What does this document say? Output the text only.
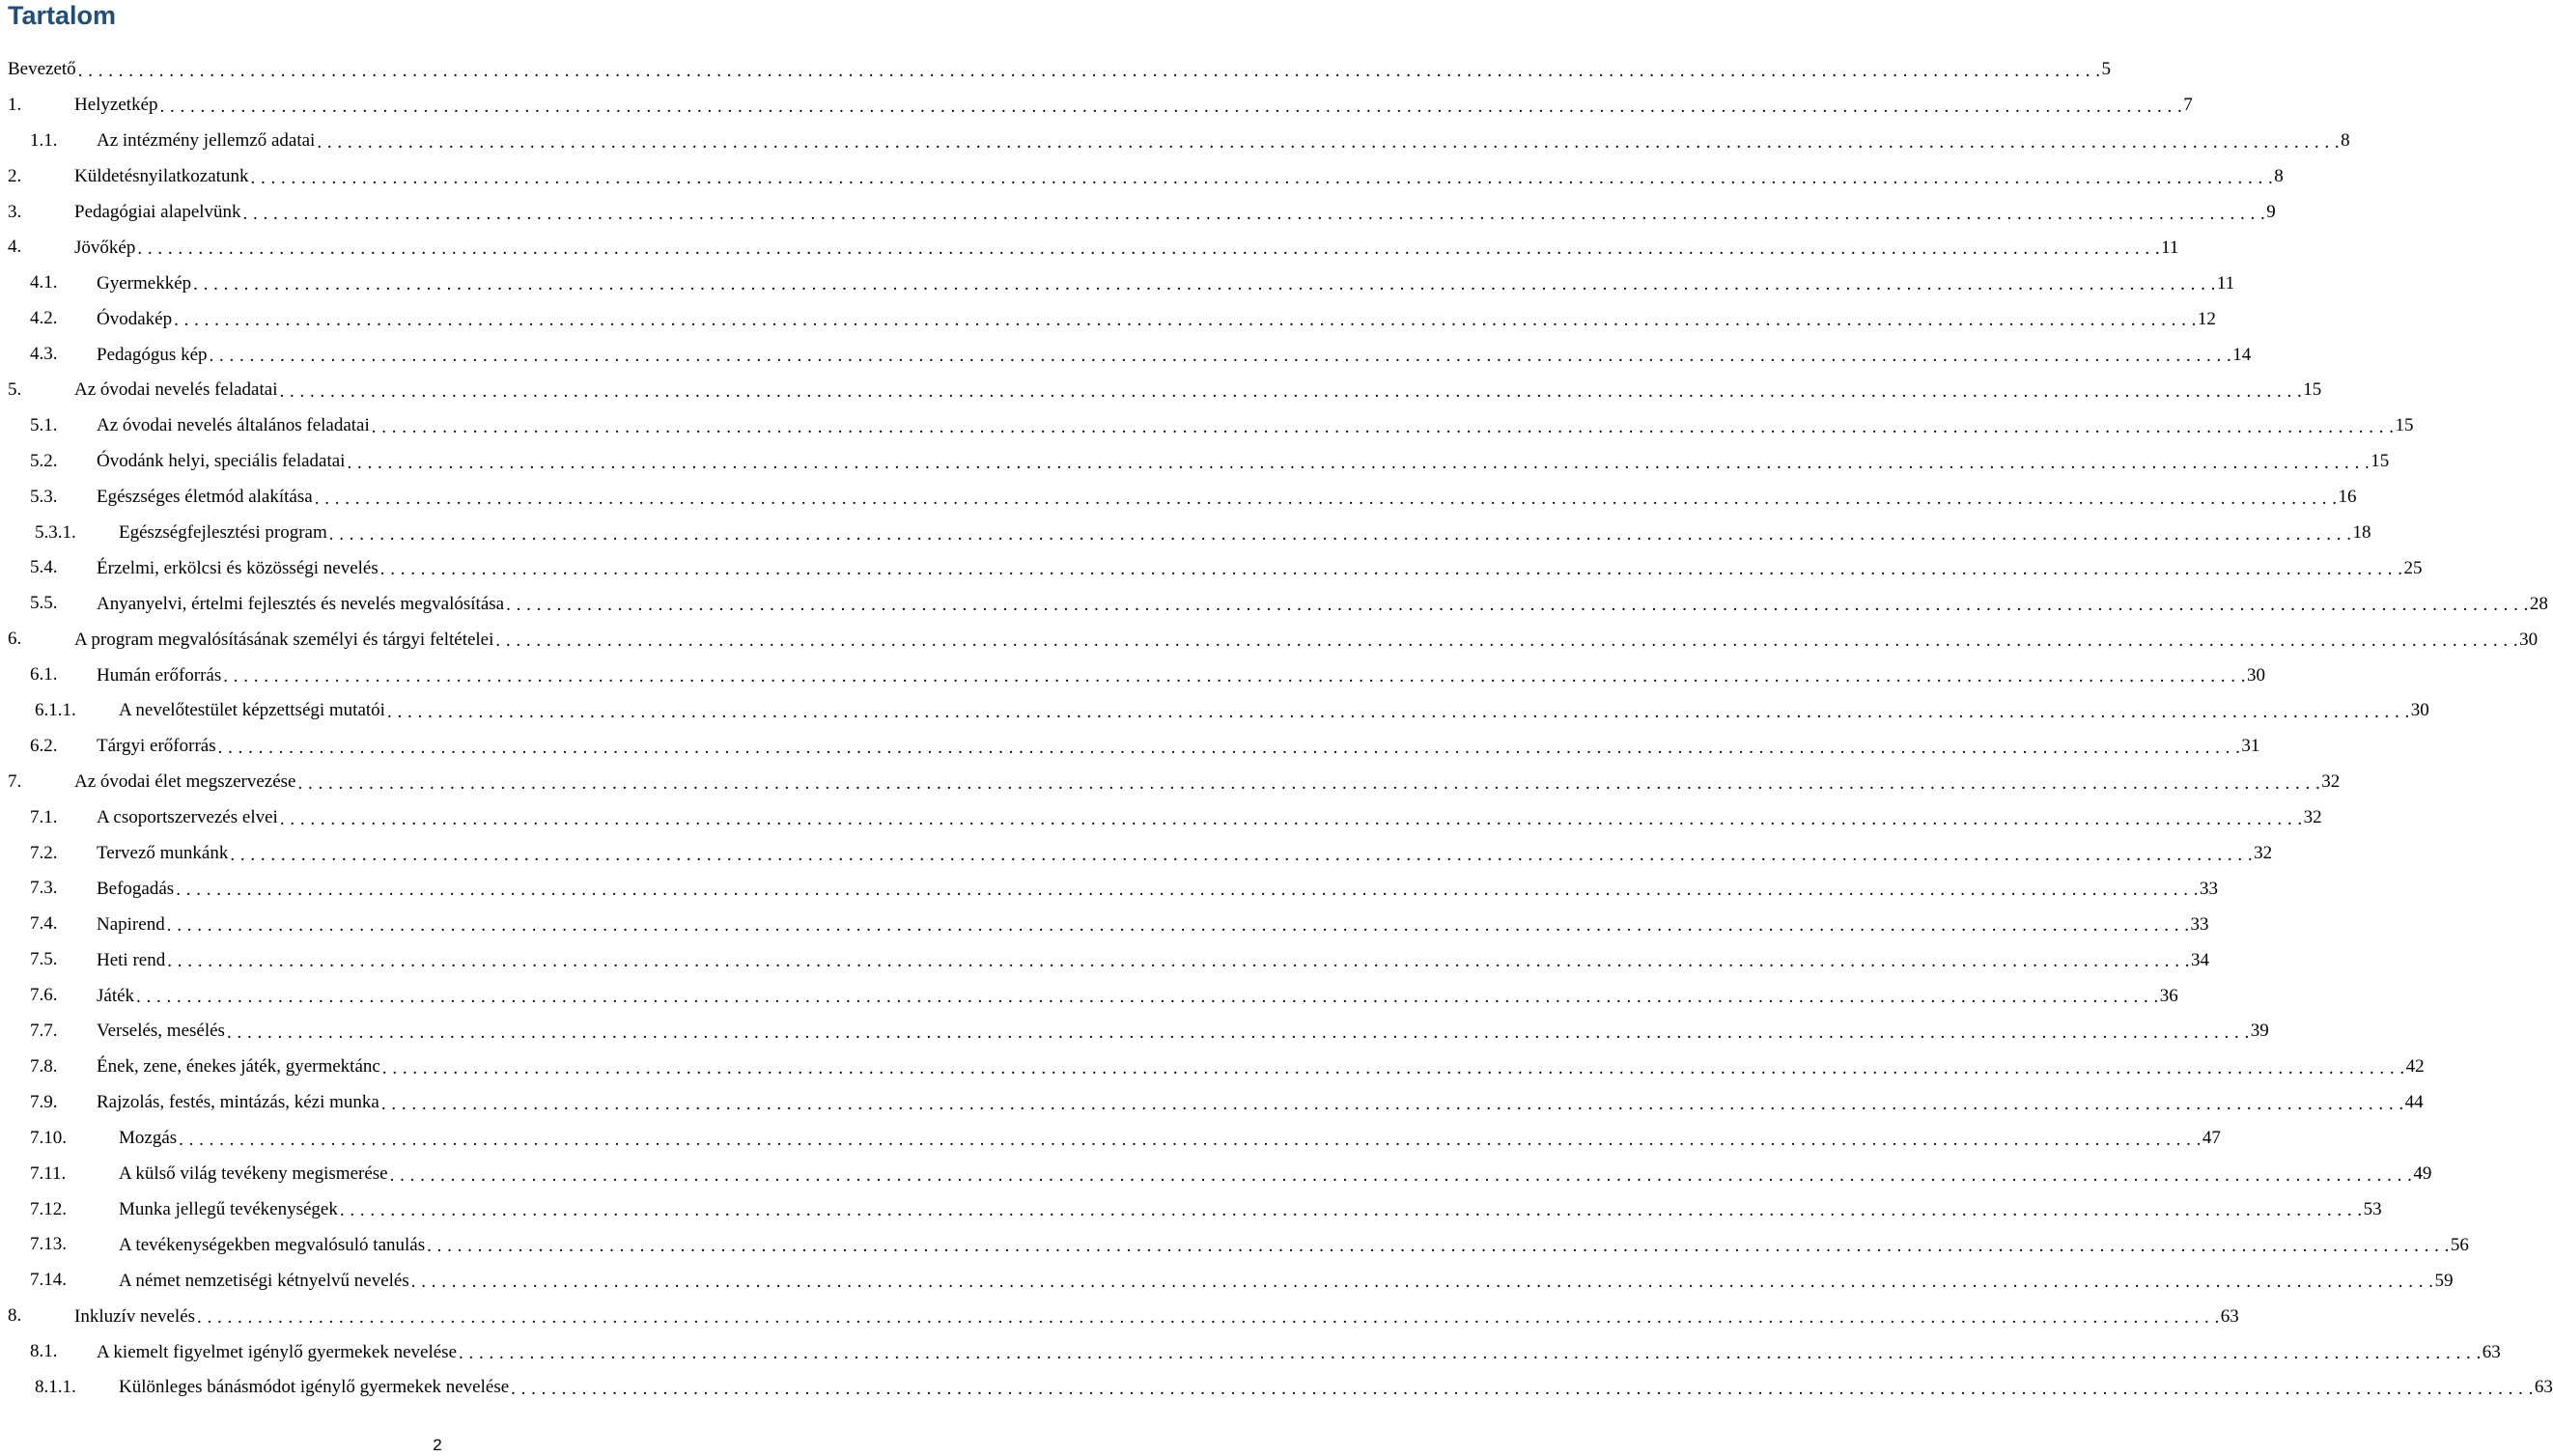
Tartalom
Bevezető . . . . . . . . . . . . . . . . . . . . . . . . . . . . . . . . . . . . . . . . . . . . . . . . . . . . . . . . . . . . . . . . . . . . . . . . . . . . . . . . . . . . . . . . . . . . . . . . . . . . . . . . . . . . . . . . . . . . . . . . . . . . . . . . . . . . . . . . . . . . . . . . . . . . . . . . . . . . . . . . . . . . . . . . . . . . . . . . . . . . . . . . . . . . . . . . . . . . . . . . 5
1.	Helyzetkép . . . . . . . . . . . . . . . . . . . . . . . . . . . . . . . . . . . . . . . . . . . . . . . . . . . . . . . . . . . . . . . . . . . . . . . . . . . . . . . . . . . . . . . . . . . . . . . . . . . . . . . . . . . . . . . . . . . . . . . . . . . . . . . . . . . . . . . . . . . . . . . . . . . . . . . . . . . . . . . . . . . . . . . . . . . . . . . . . . . . . . . . . . . . . . . . . . . . . . . . 7
1.1. Az intézmény jellemző adatai . . . . . . . . . . . . . . . . . . . . . . . . . . . . . . . . . . . . . . . . . . . . . . . . . . . . . . . . . . . . . . . . . . . . . . . . . . . . . . . . . . . . . . . . . . . . . . . . . . . . . . . . . . . . . . . . . . . . . . . . . . . . . . . . . . . . . . . . . . . . . . . . . . . . . . . . . . . . . . . . . . . . . . . . . . . . . . . . . . . . . . . . . . . . . . . . . . . . . . . . 8
2.	Küldetésnyilatkozatunk . . . . . . . . . . . . . . . . . . . . . . . . . . . . . . . . . . . . . . . . . . . . . . . . . . . . . . . . . . . . . . . . . . . . . . . . . . . . . . . . . . . . . . . . . . . . . . . . . . . . . . . . . . . . . . . . . . . . . . . . . . . . . . . . . . . . . . . . . . . . . . . . . . . . . . . . . . . . . . . . . . . . . . . . . . . . . . . . . . . . . . . . . . . . . . . . . . . . . . . . 8
3.	Pedagógiai alapelvünk . . . . . . . . . . . . . . . . . . . . . . . . . . . . . . . . . . . . . . . . . . . . . . . . . . . . . . . . . . . . . . . . . . . . . . . . . . . . . . . . . . . . . . . . . . . . . . . . . . . . . . . . . . . . . . . . . . . . . . . . . . . . . . . . . . . . . . . . . . . . . . . . . . . . . . . . . . . . . . . . . . . . . . . . . . . . . . . . . . . . . . . . . . . . . . . . . . . . . . . . 9
4.	Jövőkép . . . . . . . . . . . . . . . . . . . . . . . . . . . . . . . . . . . . . . . . . . . . . . . . . . . . . . . . . . . . . . . . . . . . . . . . . . . . . . . . . . . . . . . . . . . . . . . . . . . . . . . . . . . . . . . . . . . . . . . . . . . . . . . . . . . . . . . . . . . . . . . . . . . . . . . . . . . . . . . . . . . . . . . . . . . . . . . . . . . . . . . . . . . . . . . . . . . . . . . . 11
4.1. Gyermekkép . . . . . . . . . . . . . . . . . . . . . . . . . . . . . . . . . . . . . . . . . . . . . . . . . . . . . . . . . . . . . . . . . . . . . . . . . . . . . . . . . . . . . . . . . . . . . . . . . . . . . . . . . . . . . . . . . . . . . . . . . . . . . . . . . . . . . . . . . . . . . . . . . . . . . . . . . . . . . . . . . . . . . . . . . . . . . . . . . . . . . . . . . . . . . . . . . . . . . . . . 11
4.2. Óvodakép . . . . . . . . . . . . . . . . . . . . . . . . . . . . . . . . . . . . . . . . . . . . . . . . . . . . . . . . . . . . . . . . . . . . . . . . . . . . . . . . . . . . . . . . . . . . . . . . . . . . . . . . . . . . . . . . . . . . . . . . . . . . . . . . . . . . . . . . . . . . . . . . . . . . . . . . . . . . . . . . . . . . . . . . . . . . . . . . . . . . . . . . . . . . . . . . . . . . . . . . 12
4.3. Pedagógus kép . . . . . . . . . . . . . . . . . . . . . . . . . . . . . . . . . . . . . . . . . . . . . . . . . . . . . . . . . . . . . . . . . . . . . . . . . . . . . . . . . . . . . . . . . . . . . . . . . . . . . . . . . . . . . . . . . . . . . . . . . . . . . . . . . . . . . . . . . . . . . . . . . . . . . . . . . . . . . . . . . . . . . . . . . . . . . . . . . . . . . . . . . . . . . . . . . . . . . . . . 14
5.	Az óvodai nevelés feladatai . . . . . . . . . . . . . . . . . . . . . . . . . . . . . . . . . . . . . . . . . . . . . . . . . . . . . . . . . . . . . . . . . . . . . . . . . . . . . . . . . . . . . . . . . . . . . . . . . . . . . . . . . . . . . . . . . . . . . . . . . . . . . . . . . . . . . . . . . . . . . . . . . . . . . . . . . . . . . . . . . . . . . . . . . . . . . . . . . . . . . . . . . . . . . . . . . . . . . . . . 15
5.1. Az óvodai nevelés általános feladatai . . . . . . . . . . . . . . . . . . . . . . . . . . . . . . . . . . . . . . . . . . . . . . . . . . . . . . . . . . . . . . . . . . . . . . . . . . . . . . . . . . . . . . . . . . . . . . . . . . . . . . . . . . . . . . . . . . . . . . . . . . . . . . . . . . . . . . . . . . . . . . . . . . . . . . . . . . . . . . . . . . . . . . . . . . . . . . . . . . . . . . . . . . . . . . . . . . . . . . . . 15
5.2. Óvodánk helyi, speciális feladatai . . . . . . . . . . . . . . . . . . . . . . . . . . . . . . . . . . . . . . . . . . . . . . . . . . . . . . . . . . . . . . . . . . . . . . . . . . . . . . . . . . . . . . . . . . . . . . . . . . . . . . . . . . . . . . . . . . . . . . . . . . . . . . . . . . . . . . . . . . . . . . . . . . . . . . . . . . . . . . . . . . . . . . . . . . . . . . . . . . . . . . . . . . . . . . . . . . . . . . . . 15
5.3. Egészséges életmód alakítása . . . . . . . . . . . . . . . . . . . . . . . . . . . . . . . . . . . . . . . . . . . . . . . . . . . . . . . . . . . . . . . . . . . . . . . . . . . . . . . . . . . . . . . . . . . . . . . . . . . . . . . . . . . . . . . . . . . . . . . . . . . . . . . . . . . . . . . . . . . . . . . . . . . . . . . . . . . . . . . . . . . . . . . . . . . . . . . . . . . . . . . . . . . . . . . . . . . . . . . . 16
5.3.1. Egészségfejlesztési program . . . . . . . . . . . . . . . . . . . . . . . . . . . . . . . . . . . . . . . . . . . . . . . . . . . . . . . . . . . . . . . . . . . . . . . . . . . . . . . . . . . . . . . . . . . . . . . . . . . . . . . . . . . . . . . . . . . . . . . . . . . . . . . . . . . . . . . . . . . . . . . . . . . . . . . . . . . . . . . . . . . . . . . . . . . . . . . . . . . . . . . . . . . . . . . . . . . . . . . . 18
5.4. Érzelmi, erkölcsi és közösségi nevelés . . . . . . . . . . . . . . . . . . . . . . . . . . . . . . . . . . . . . . . . . . . . . . . . . . . . . . . . . . . . . . . . . . . . . . . . . . . . . . . . . . . . . . . . . . . . . . . . . . . . . . . . . . . . . . . . . . . . . . . . . . . . . . . . . . . . . . . . . . . . . . . . . . . . . . . . . . . . . . . . . . . . . . . . . . . . . . . . . . . . . . . . . . . . . . . . . . . . . . . . 25
5.5. Anyanyelvi, értelmi fejlesztés és nevelés megvalósítása . . . . . . . . . . . . . . . . . . . . . . . . . . . . . . . . . . . . . . . . . . . . . . . . . . . . . . . . . . . . . . . . . . . . . . . . . . . . . . . . . . . . . . . . . . . . . . . . . . . . . . . . . . . . . . . . . . . . . . . . . . . . . . . . . . . . . . . . . . . . . . . . . . . . . . . . . . . . . . . . . . . . . . . . . . . . . . . . . . . . . . . . . . . . . . . . . . . . . . . . 28
6.	A program megvalósításának személyi és tárgyi feltételei . . . . . . . . . . . . . . . . . . . . . . . . . . . . . . . . . . . . . . . . . . . . . . . . . . . . . . . . . . . . . . . . . . . . . . . . . . . . . . . . . . . . . . . . . . . . . . . . . . . . . . . . . . . . . . . . . . . . . . . . . . . . . . . . . . . . . . . . . . . . . . . . . . . . . . . . . . . . . . . . . . . . . . . . . . . . . . . . . . . . . . . . . . . . . . . . . . . . . . . . 30
6.1. Humán erőforrás . . . . . . . . . . . . . . . . . . . . . . . . . . . . . . . . . . . . . . . . . . . . . . . . . . . . . . . . . . . . . . . . . . . . . . . . . . . . . . . . . . . . . . . . . . . . . . . . . . . . . . . . . . . . . . . . . . . . . . . . . . . . . . . . . . . . . . . . . . . . . . . . . . . . . . . . . . . . . . . . . . . . . . . . . . . . . . . . . . . . . . . . . . . . . . . . . . . . . . . . 30
6.1.1. A nevelőtestület képzettségi mutatói . . . . . . . . . . . . . . . . . . . . . . . . . . . . . . . . . . . . . . . . . . . . . . . . . . . . . . . . . . . . . . . . . . . . . . . . . . . . . . . . . . . . . . . . . . . . . . . . . . . . . . . . . . . . . . . . . . . . . . . . . . . . . . . . . . . . . . . . . . . . . . . . . . . . . . . . . . . . . . . . . . . . . . . . . . . . . . . . . . . . . . . . . . . . . . . . . . . . . . . . 30
6.2. Tárgyi erőforrás . . . . . . . . . . . . . . . . . . . . . . . . . . . . . . . . . . . . . . . . . . . . . . . . . . . . . . . . . . . . . . . . . . . . . . . . . . . . . . . . . . . . . . . . . . . . . . . . . . . . . . . . . . . . . . . . . . . . . . . . . . . . . . . . . . . . . . . . . . . . . . . . . . . . . . . . . . . . . . . . . . . . . . . . . . . . . . . . . . . . . . . . . . . . . . . . . . . . . . . . 31
7.	Az óvodai élet megszervezése . . . . . . . . . . . . . . . . . . . . . . . . . . . . . . . . . . . . . . . . . . . . . . . . . . . . . . . . . . . . . . . . . . . . . . . . . . . . . . . . . . . . . . . . . . . . . . . . . . . . . . . . . . . . . . . . . . . . . . . . . . . . . . . . . . . . . . . . . . . . . . . . . . . . . . . . . . . . . . . . . . . . . . . . . . . . . . . . . . . . . . . . . . . . . . . . . . . . . . . . 32
7.1. A csoportszervezés elvei . . . . . . . . . . . . . . . . . . . . . . . . . . . . . . . . . . . . . . . . . . . . . . . . . . . . . . . . . . . . . . . . . . . . . . . . . . . . . . . . . . . . . . . . . . . . . . . . . . . . . . . . . . . . . . . . . . . . . . . . . . . . . . . . . . . . . . . . . . . . . . . . . . . . . . . . . . . . . . . . . . . . . . . . . . . . . . . . . . . . . . . . . . . . . . . . . . . . . . . . 32
7.2. Tervező munkánk . . . . . . . . . . . . . . . . . . . . . . . . . . . . . . . . . . . . . . . . . . . . . . . . . . . . . . . . . . . . . . . . . . . . . . . . . . . . . . . . . . . . . . . . . . . . . . . . . . . . . . . . . . . . . . . . . . . . . . . . . . . . . . . . . . . . . . . . . . . . . . . . . . . . . . . . . . . . . . . . . . . . . . . . . . . . . . . . . . . . . . . . . . . . . . . . . . . . . . . . 32
7.3. Befogadás . . . . . . . . . . . . . . . . . . . . . . . . . . . . . . . . . . . . . . . . . . . . . . . . . . . . . . . . . . . . . . . . . . . . . . . . . . . . . . . . . . . . . . . . . . . . . . . . . . . . . . . . . . . . . . . . . . . . . . . . . . . . . . . . . . . . . . . . . . . . . . . . . . . . . . . . . . . . . . . . . . . . . . . . . . . . . . . . . . . . . . . . . . . . . . . . . . . . . . . . 33
7.4. Napirend . . . . . . . . . . . . . . . . . . . . . . . . . . . . . . . . . . . . . . . . . . . . . . . . . . . . . . . . . . . . . . . . . . . . . . . . . . . . . . . . . . . . . . . . . . . . . . . . . . . . . . . . . . . . . . . . . . . . . . . . . . . . . . . . . . . . . . . . . . . . . . . . . . . . . . . . . . . . . . . . . . . . . . . . . . . . . . . . . . . . . . . . . . . . . . . . . . . . . . . . 33
7.5. Heti rend . . . . . . . . . . . . . . . . . . . . . . . . . . . . . . . . . . . . . . . . . . . . . . . . . . . . . . . . . . . . . . . . . . . . . . . . . . . . . . . . . . . . . . . . . . . . . . . . . . . . . . . . . . . . . . . . . . . . . . . . . . . . . . . . . . . . . . . . . . . . . . . . . . . . . . . . . . . . . . . . . . . . . . . . . . . . . . . . . . . . . . . . . . . . . . . . . . . . . . . . 34
7.6. Játék . . . . . . . . . . . . . . . . . . . . . . . . . . . . . . . . . . . . . . . . . . . . . . . . . . . . . . . . . . . . . . . . . . . . . . . . . . . . . . . . . . . . . . . . . . . . . . . . . . . . . . . . . . . . . . . . . . . . . . . . . . . . . . . . . . . . . . . . . . . . . . . . . . . . . . . . . . . . . . . . . . . . . . . . . . . . . . . . . . . . . . . . . . . . . . . . . . . . . . . . 36
7.7. Verselés, mesélés . . . . . . . . . . . . . . . . . . . . . . . . . . . . . . . . . . . . . . . . . . . . . . . . . . . . . . . . . . . . . . . . . . . . . . . . . . . . . . . . . . . . . . . . . . . . . . . . . . . . . . . . . . . . . . . . . . . . . . . . . . . . . . . . . . . . . . . . . . . . . . . . . . . . . . . . . . . . . . . . . . . . . . . . . . . . . . . . . . . . . . . . . . . . . . . . . . . . . . . . 39
7.8. Ének, zene, énekes játék, gyermektánc . . . . . . . . . . . . . . . . . . . . . . . . . . . . . . . . . . . . . . . . . . . . . . . . . . . . . . . . . . . . . . . . . . . . . . . . . . . . . . . . . . . . . . . . . . . . . . . . . . . . . . . . . . . . . . . . . . . . . . . . . . . . . . . . . . . . . . . . . . . . . . . . . . . . . . . . . . . . . . . . . . . . . . . . . . . . . . . . . . . . . . . . . . . . . . . . . . . . . . . . 42
7.9. Rajzolás, festés, mintázás, kézi munka . . . . . . . . . . . . . . . . . . . . . . . . . . . . . . . . . . . . . . . . . . . . . . . . . . . . . . . . . . . . . . . . . . . . . . . . . . . . . . . . . . . . . . . . . . . . . . . . . . . . . . . . . . . . . . . . . . . . . . . . . . . . . . . . . . . . . . . . . . . . . . . . . . . . . . . . . . . . . . . . . . . . . . . . . . . . . . . . . . . . . . . . . . . . . . . . . . . . . . . . 44
7.10.	Mozgás . . . . . . . . . . . . . . . . . . . . . . . . . . . . . . . . . . . . . . . . . . . . . . . . . . . . . . . . . . . . . . . . . . . . . . . . . . . . . . . . . . . . . . . . . . . . . . . . . . . . . . . . . . . . . . . . . . . . . . . . . . . . . . . . . . . . . . . . . . . . . . . . . . . . . . . . . . . . . . . . . . . . . . . . . . . . . . . . . . . . . . . . . . . . . . . . . . . . . . . . 47
7.11.	A külső világ tevékeny megismerése . . . . . . . . . . . . . . . . . . . . . . . . . . . . . . . . . . . . . . . . . . . . . . . . . . . . . . . . . . . . . . . . . . . . . . . . . . . . . . . . . . . . . . . . . . . . . . . . . . . . . . . . . . . . . . . . . . . . . . . . . . . . . . . . . . . . . . . . . . . . . . . . . . . . . . . . . . . . . . . . . . . . . . . . . . . . . . . . . . . . . . . . . . . . . . . . . . . . . . . . 49
7.12.	Munka jellegű tevékenységek . . . . . . . . . . . . . . . . . . . . . . . . . . . . . . . . . . . . . . . . . . . . . . . . . . . . . . . . . . . . . . . . . . . . . . . . . . . . . . . . . . . . . . . . . . . . . . . . . . . . . . . . . . . . . . . . . . . . . . . . . . . . . . . . . . . . . . . . . . . . . . . . . . . . . . . . . . . . . . . . . . . . . . . . . . . . . . . . . . . . . . . . . . . . . . . . . . . . . . . . 53
7.13.	A tevékenységekben megvalósuló tanulás . . . . . . . . . . . . . . . . . . . . . . . . . . . . . . . . . . . . . . . . . . . . . . . . . . . . . . . . . . . . . . . . . . . . . . . . . . . . . . . . . . . . . . . . . . . . . . . . . . . . . . . . . . . . . . . . . . . . . . . . . . . . . . . . . . . . . . . . . . . . . . . . . . . . . . . . . . . . . . . . . . . . . . . . . . . . . . . . . . . . . . . . . . . . . . . . . . . . . . . . 56
7.14.	A német nemzetiségi kétnyelvű nevelés . . . . . . . . . . . . . . . . . . . . . . . . . . . . . . . . . . . . . . . . . . . . . . . . . . . . . . . . . . . . . . . . . . . . . . . . . . . . . . . . . . . . . . . . . . . . . . . . . . . . . . . . . . . . . . . . . . . . . . . . . . . . . . . . . . . . . . . . . . . . . . . . . . . . . . . . . . . . . . . . . . . . . . . . . . . . . . . . . . . . . . . . . . . . . . . . . . . . . . . . 59
8.	Inkluzív nevelés . . . . . . . . . . . . . . . . . . . . . . . . . . . . . . . . . . . . . . . . . . . . . . . . . . . . . . . . . . . . . . . . . . . . . . . . . . . . . . . . . . . . . . . . . . . . . . . . . . . . . . . . . . . . . . . . . . . . . . . . . . . . . . . . . . . . . . . . . . . . . . . . . . . . . . . . . . . . . . . . . . . . . . . . . . . . . . . . . . . . . . . . . . . . . . . . . . . . . . . . 63
8.1. A kiemelt figyelmet igénylő gyermekek nevelése . . . . . . . . . . . . . . . . . . . . . . . . . . . . . . . . . . . . . . . . . . . . . . . . . . . . . . . . . . . . . . . . . . . . . . . . . . . . . . . . . . . . . . . . . . . . . . . . . . . . . . . . . . . . . . . . . . . . . . . . . . . . . . . . . . . . . . . . . . . . . . . . . . . . . . . . . . . . . . . . . . . . . . . . . . . . . . . . . . . . . . . . . . . . . . . . . . . . . . . . 63
8.1.1. Különleges bánásmódot igénylő gyermekek nevelése . . . . . . . . . . . . . . . . . . . . . . . . . . . . . . . . . . . . . . . . . . . . . . . . . . . . . . . . . . . . . . . . . . . . . . . . . . . . . . . . . . . . . . . . . . . . . . . . . . . . . . . . . . . . . . . . . . . . . . . . . . . . . . . . . . . . . . . . . . . . . . . . . . . . . . . . . . . . . . . . . . . . . . . . . . . . . . . . . . . . . . . . . . . . . . . . . . . . . . . . 63
2
